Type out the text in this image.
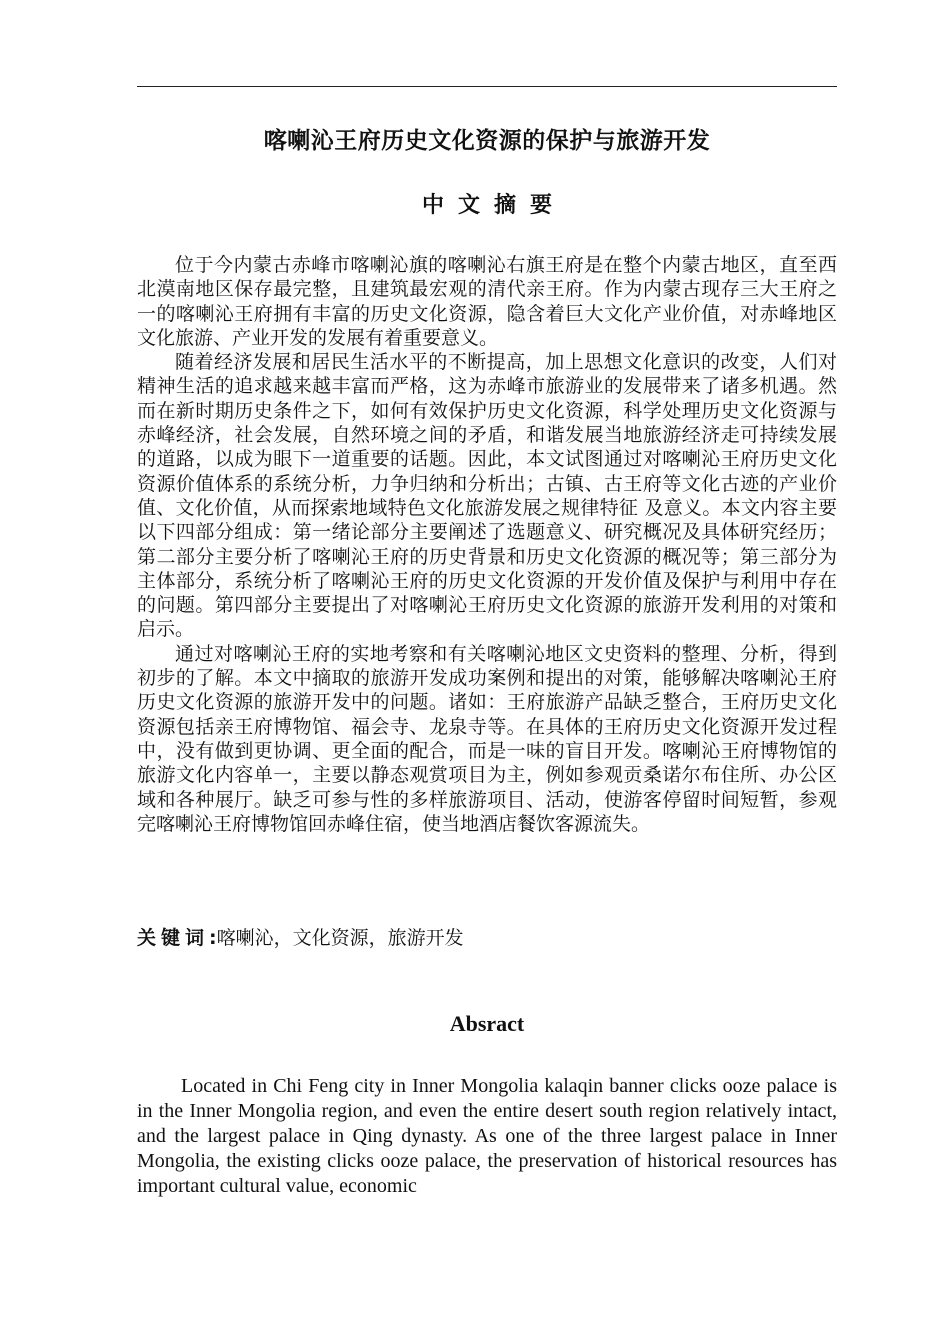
喀喇沁王府历史文化资源的保护与旅游开发
中文摘要

位于今内蒙古赤峰市喀喇沁旗的喀喇沁右旗王府是在整个内蒙古地区，直至西北漠南地区保存最完整，且建筑最宏观的清代亲王府。作为内蒙古现存三大王府之一的喀喇沁王府拥有丰富的历史文化资源，隐含着巨大文化产业价值，对赤峰地区文化旅游、产业开发的发展有着重要意义。

随着经济发展和居民生活水平的不断提高，加上思想文化意识的改变，人们对精神生活的追求越来越丰富而严格，这为赤峰市旅游业的发展带来了诸多机遇。然而在新时期历史条件之下，如何有效保护历史文化资源，科学处理历史文化资源与赤峰经济，社会发展，自然环境之间的矛盾，和谐发展当地旅游经济走可持续发展的道路，以成为眼下一道重要的话题。因此，本文试图通过对喀喇沁王府历史文化资源价值体系的系统分析，力争归纳和分析出；古镇、古王府等文化古迹的产业价值、文化价值，从而探索地域特色文化旅游发展之规律特征 及意义。本文内容主要以下四部分组成：第一绪论部分主要阐述了选题意义、研究概况及具体研究经历；第二部分主要分析了喀喇沁王府的历史背景和历史文化资源的概况等；第三部分为主体部分，系统分析了喀喇沁王府的历史文化资源的开发价值及保护与利用中存在的问题。第四部分主要提出了对喀喇沁王府历史文化资源的旅游开发利用的对策和启示。

通过对喀喇沁王府的实地考察和有关喀喇沁地区文史资料的整理、分析，得到初步的了解。本文中摘取的旅游开发成功案例和提出的对策，能够解决喀喇沁王府历史文化资源的旅游开发中的问题。诸如：王府旅游产品缺乏整合，王府历史文化资源包括亲王府博物馆、福会寺、龙泉寺等。在具体的王府历史文化资源开发过程中，没有做到更协调、更全面的配合，而是一味的盲目开发。喀喇沁王府博物馆的旅游文化内容单一，主要以静态观赏项目为主，例如参观贡桑诺尔布住所、办公区域和各种展厅。缺乏可参与性的多样旅游项目、活动，使游客停留时间短暂，参观完喀喇沁王府博物馆回赤峰住宿，使当地酒店餐饮客源流失。

关键词:喀喇沁，文化资源，旅游开发
Absract

Located in Chi Feng city in Inner Mongolia kalaqin banner clicks ooze palace is in the Inner Mongolia region, and even the entire desert south region relatively intact, and the largest palace in Qing dynasty. As one of the three largest palace in Inner Mongolia, the existing clicks ooze palace, the preservation of historical resources has important cultural value, economic
